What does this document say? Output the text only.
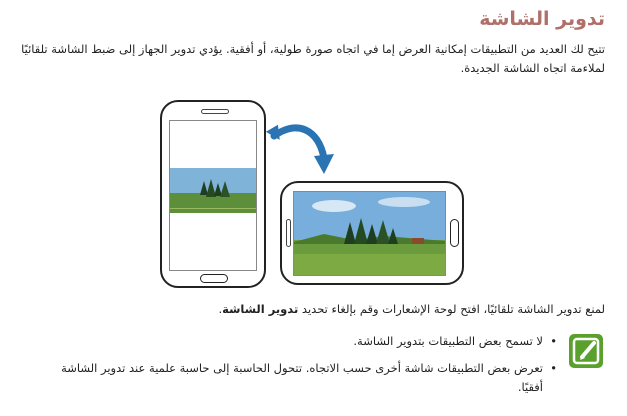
تدوير الشاشة
تتيح لك العديد من التطبيقات إمكانية العرض إما في اتجاه صورة طولية، أو أفقية. يؤدي تدوير الجهاز إلى ضبط الشاشة تلقائيًا لملاءمة اتجاه الشاشة الجديدة.
لمنع تدوير الشاشة تلقائيًا، افتح لوحة الإشعارات وقم بإلغاء تحديد تدوير الشاشة.
•
لا تسمح بعض التطبيقات بتدوير الشاشة.
•
تعرض بعض التطبيقات شاشة أخرى حسب الاتجاه. تتحول الحاسبة إلى حاسبة علمية عند تدوير الشاشة أفقيًا.
